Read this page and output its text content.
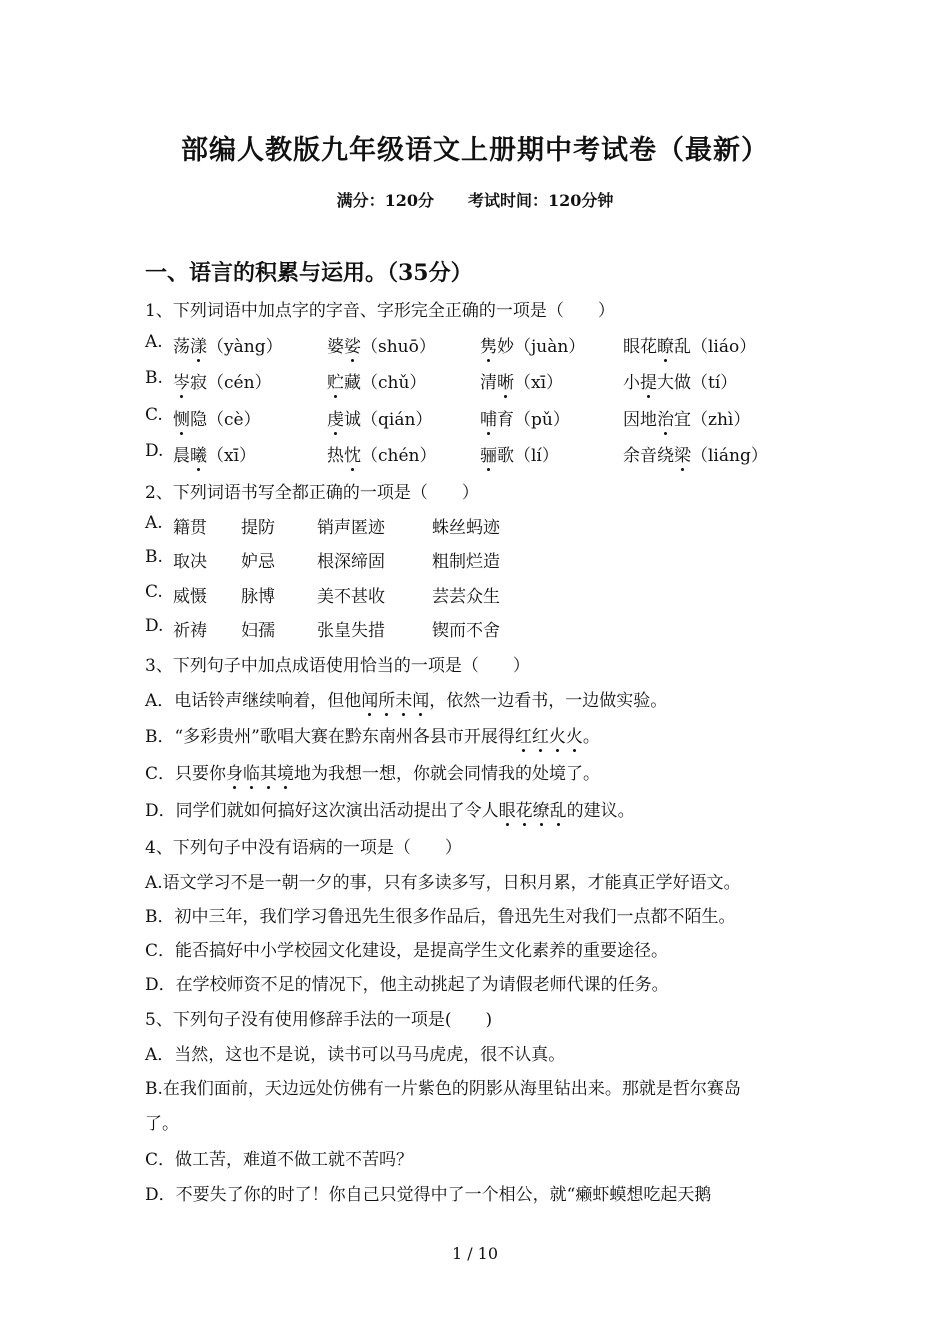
部编人教版九年级语文上册期中考试卷（最新）
满分：120分 考试时间：120分钟
一、语言的积累与运用。（35分）
1、下列词语中加点字的字音、字形完全正确的一项是（　　）
A. 荡漾（yàng）	婆娑（shuō）	隽妙（juàn） 眼花瞭乱（liáo）
B. 岑寂（cén）	贮藏（chǔ）	清晰（xī）	小提大做（tí）
C. 恻隐（cè）	虔诚（qián）	哺育（pǔ）	因地治宜（zhì）
D. 晨曦（xī）	热忱（chén）	骊歌（lí）	余音绕梁（liáng）
2、下列词语书写全都正确的一项是（　　）
A. 籍贯 提防 销声匿迹	蛛丝蚂迹
B. 取决 妒忌 根深缔固	粗制烂造
C. 威慑 脉博 美不甚收	芸芸众生
D. 祈祷 妇孺 张皇失措	锲而不舍
3、下列句子中加点成语使用恰当的一项是（　　）
A．电话铃声继续响着，但他闻所未闻，依然一边看书，一边做实验。
B．“多彩贵州”歌唱大赛在黔东南州各县市开展得红红火火。
C．只要你身临其境地为我想一想，你就会同情我的处境了。
D．同学们就如何搞好这次演出活动提出了令人眼花缭乱的建议。
4、下列句子中没有语病的一项是（　　）
A.语文学习不是一朝一夕的事，只有多读多写，日积月累，才能真正学好语文。
B．初中三年，我们学习鲁迅先生很多作品后，鲁迅先生对我们一点都不陌生。
C．能否搞好中小学校园文化建设，是提高学生文化素养的重要途径。
D．在学校师资不足的情况下，他主动挑起了为请假老师代课的任务。
5、下列句子没有使用修辞手法的一项是(　　)
A．当然，这也不是说，读书可以马马虎虎，很不认真。
B.在我们面前，天边远处仿佛有一片紫色的阴影从海里钻出来。那就是哲尔赛岛
了。
C．做工苦，难道不做工就不苦吗？
D．不要失了你的时了！你自己只觉得中了一个相公，就“癞虾蟆想吃起天鹅
1 / 10
